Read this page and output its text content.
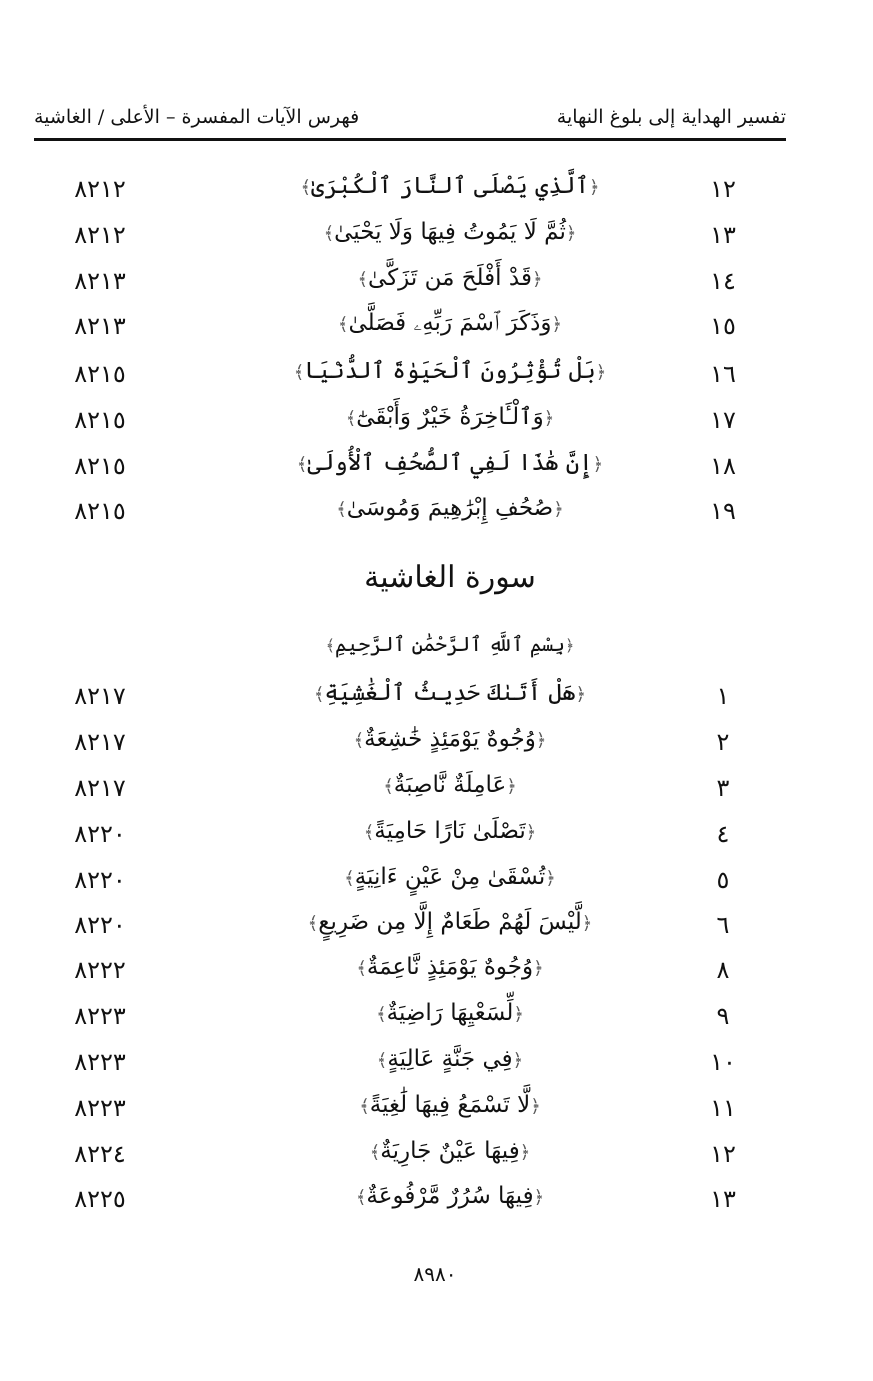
تفسير الهداية إلى بلوغ النهاية
فهرس الآيات المفسرة – الأعلى / الغاشية
١٢
﴿ٱلَّذِي يَصْلَى ٱلنَّارَ ٱلْكُبْرَىٰ﴾
٨٢١٢
١٣
﴿ثُمَّ لَا يَمُوتُ فِيهَا وَلَا يَحْيَىٰ﴾
٨٢١٢
١٤
﴿قَدْ أَفْلَحَ مَن تَزَكَّىٰ﴾
٨٢١٣
١٥
﴿وَذَكَرَ ٱسْمَ رَبِّهِۦ فَصَلَّىٰ﴾
٨٢١٣
١٦
﴿بَلْ تُؤْثِرُونَ ٱلْحَيَوٰةَ ٱلدُّنْيَا﴾
٨٢١٥
١٧
﴿وَٱلْـَٔاخِرَةُ خَيْرٌ وَأَبْقَىٰٓ﴾
٨٢١٥
١٨
﴿إِنَّ هَٰذَا لَفِي ٱلصُّحُفِ ٱلْأُولَىٰ﴾
٨٢١٥
١٩
﴿صُحُفِ إِبْرَٰهِيمَ وَمُوسَىٰ﴾
٨٢١٥
سورة الغاشية
﴿بِسْمِ ٱللَّهِ ٱلرَّحْمَٰنِ ٱلرَّحِيمِ﴾
١
﴿هَلْ أَتَىٰكَ حَدِيثُ ٱلْغَٰشِيَةِ﴾
٨٢١٧
٢
﴿وُجُوهٌ يَوْمَئِذٍ خَٰشِعَةٌ﴾
٨٢١٧
٣
﴿عَامِلَةٌ نَّاصِبَةٌ﴾
٨٢١٧
٤
﴿تَصْلَىٰ نَارًا حَامِيَةً﴾
٨٢٢٠
٥
﴿تُسْقَىٰ مِنْ عَيْنٍ ءَانِيَةٍ﴾
٨٢٢٠
٦
﴿لَّيْسَ لَهُمْ طَعَامٌ إِلَّا مِن ضَرِيعٍ﴾
٨٢٢٠
٨
﴿وُجُوهٌ يَوْمَئِذٍ نَّاعِمَةٌ﴾
٨٢٢٢
٩
﴿لِّسَعْيِهَا رَاضِيَةٌ﴾
٨٢٢٣
١٠
﴿فِي جَنَّةٍ عَالِيَةٍ﴾
٨٢٢٣
١١
﴿لَّا تَسْمَعُ فِيهَا لَٰغِيَةً﴾
٨٢٢٣
١٢
﴿فِيهَا عَيْنٌ جَارِيَةٌ﴾
٨٢٢٤
١٣
﴿فِيهَا سُرُرٌ مَّرْفُوعَةٌ﴾
٨٢٢٥
٨٩٨٠
